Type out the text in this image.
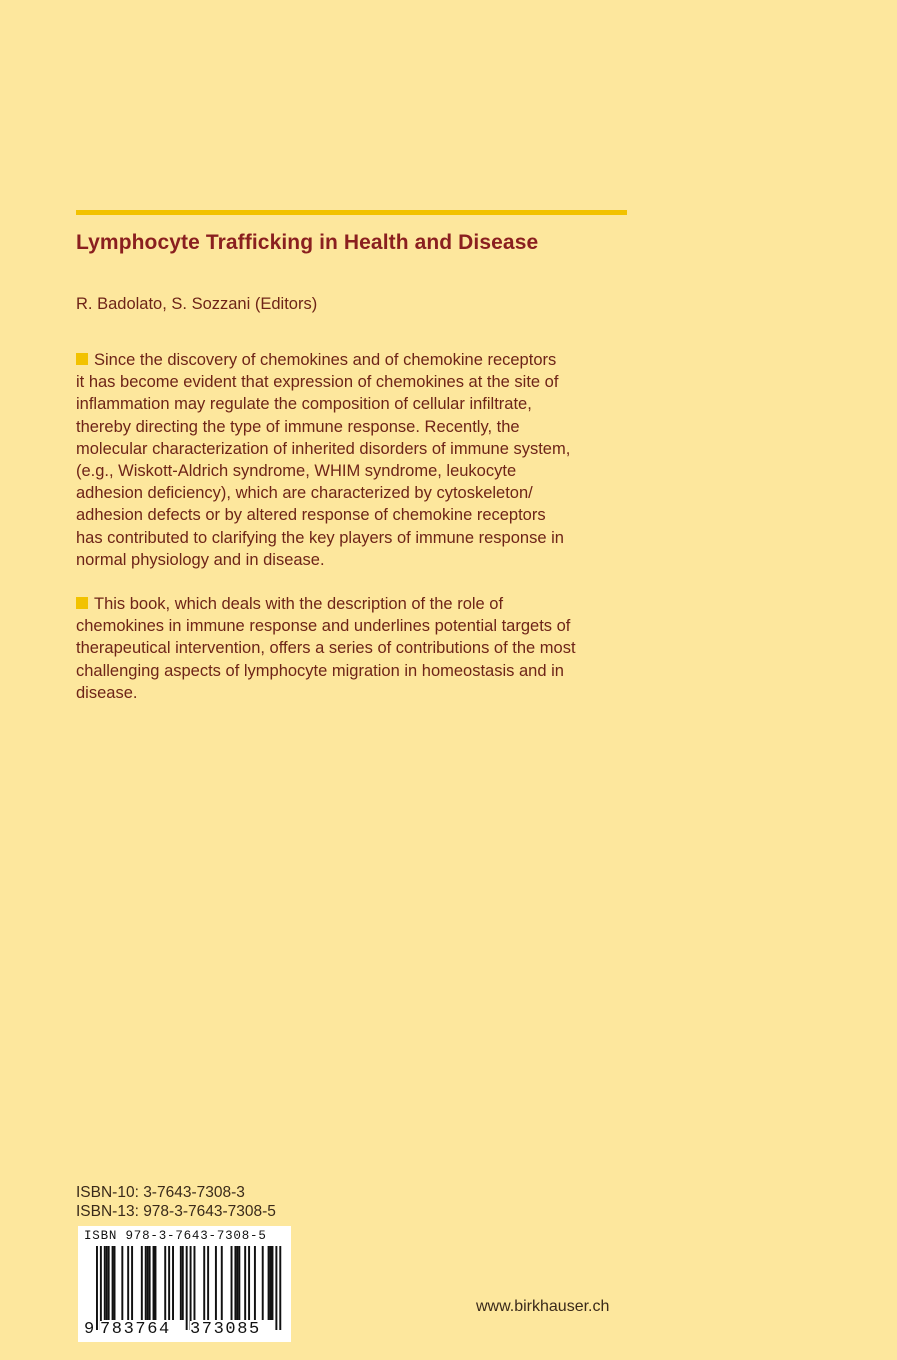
Lymphocyte Trafficking in Health and Disease
R. Badolato, S. Sozzani (Editors)
Since the discovery of chemokines and of chemokine receptors
it has become evident that expression of chemokines at the site of
inflammation may regulate the composition of cellular infiltrate,
thereby directing the type of immune response. Recently, the
molecular characterization of inherited disorders of immune system,
(e.g., Wiskott-Aldrich syndrome, WHIM syndrome, leukocyte
adhesion deficiency), which are characterized by cytoskeleton/
adhesion defects or by altered response of chemokine receptors
has contributed to clarifying the key players of immune response in
normal physiology and in disease.
This book, which deals with the description of the role of
chemokines in immune response and underlines potential targets of
therapeutical intervention, offers a series of contributions of the most
challenging aspects of lymphocyte migration in homeostasis and in
disease.
ISBN-10: 3-7643-7308-3
ISBN-13: 978-3-7643-7308-5
ISBN 978-3-7643-7308-5
9 783764 373085
www.birkhauser.ch
